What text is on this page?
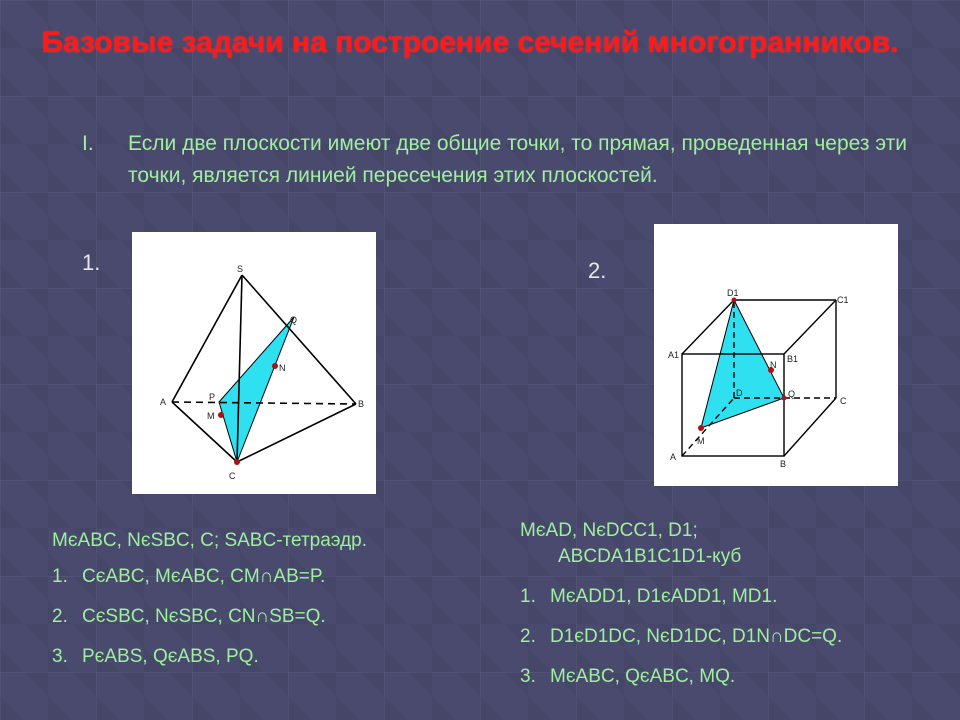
Базовые задачи на построение сечений многогранников.
I. Если две плоскости имеют две общие точки, то прямая, проведенная через эти точки, является линией пересечения этих плоскостей.
1.	2.
S
Q
N
A	P
M
B
C
D1
C1
A1	B1
N
D	Q
C
M
A
B

MєABC, NєSBC, C; SABC-тетраэдр.

1. CєABC, MєABC, CM∩AB=P.
2. CєSBC, NєSBC, CN∩SB=Q.
3. PєABS, QєABS, PQ.

MєAD, NєDCC1, D1;

ABCDA1B1C1D1-куб

1. MєADD1, D1єADD1, MD1.
2. D1єD1DC, NєD1DC, D1N∩DC=Q.
3. MєABC, QєABC, MQ.
